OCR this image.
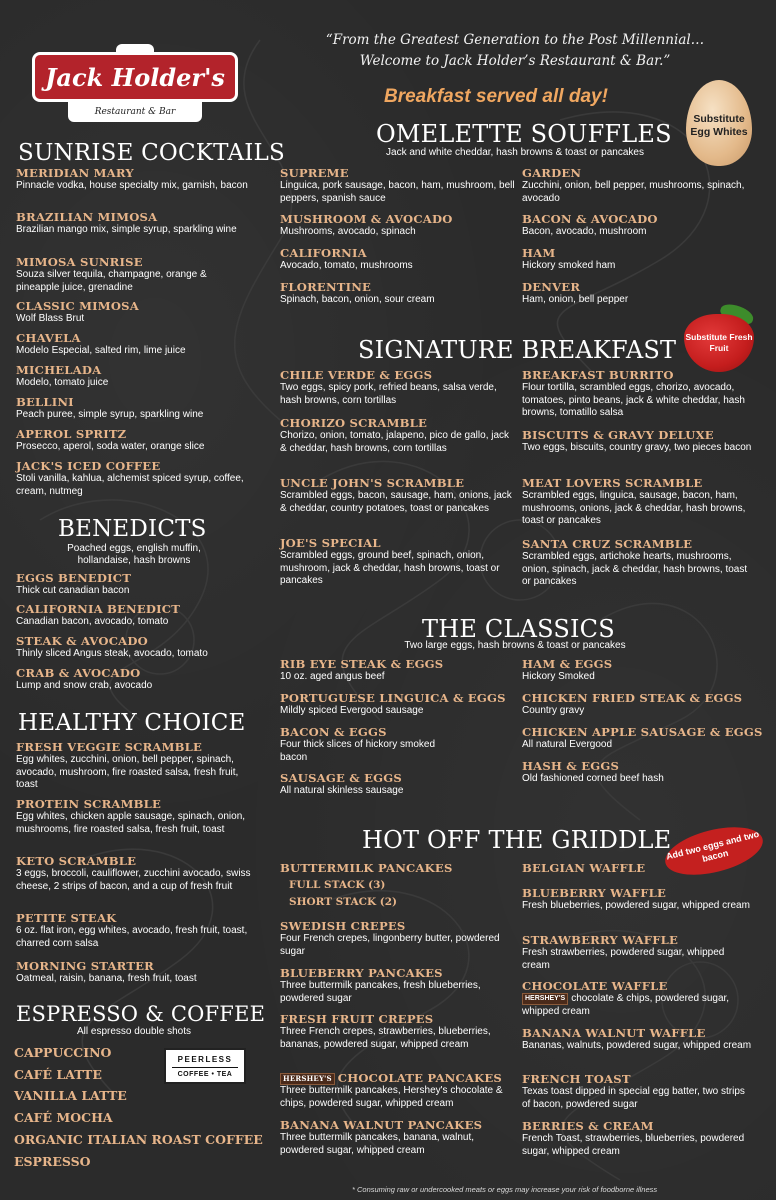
Jack Holder's
Restaurant & Bar
“From the Greatest Generation to the Post Millennial…
Welcome to Jack Holder’s Restaurant & Bar.”
Breakfast served all day!
Substitute Egg Whites
Substitute Fresh Fruit
Add two eggs and two bacon
SUNRISE COCKTAILS
MERIDIAN MARY
Pinnacle vodka, house specialty mix, garnish, bacon
BRAZILIAN MIMOSA
Brazilian mango mix, simple syrup, sparkling wine
MIMOSA SUNRISE
Souza silver tequila, champagne, orange & pineapple juice, grenadine
CLASSIC MIMOSA
Wolf Blass Brut
CHAVELA
Modelo Especial, salted rim, lime juice
MICHELADA
Modelo, tomato juice
BELLINI
Peach puree, simple syrup, sparkling wine
APEROL SPRITZ
Prosecco, aperol, soda water, orange slice
JACK'S ICED COFFEE
Stoli vanilla, kahlua, alchemist spiced syrup, coffee, cream, nutmeg
BENEDICTS
Poached eggs, english muffin,
hollandaise, hash browns
EGGS BENEDICT
Thick cut canadian bacon
CALIFORNIA BENEDICT
Canadian bacon, avocado, tomato
STEAK & AVOCADO
Thinly sliced Angus steak, avocado, tomato
CRAB & AVOCADO
Lump and snow crab, avocado
HEALTHY CHOICE
FRESH VEGGIE SCRAMBLE
Egg whites, zucchini, onion, bell pepper, spinach, avocado, mushroom, fire roasted salsa, fresh fruit, toast
PROTEIN SCRAMBLE
Egg whites, chicken apple sausage, spinach, onion, mushrooms, fire roasted salsa, fresh fruit, toast
KETO SCRAMBLE
3 eggs, broccoli, cauliflower, zucchini avocado, swiss cheese, 2 strips of bacon, and a cup of fresh fruit
PETITE STEAK
6 oz. flat iron, egg whites, avocado, fresh fruit, toast, charred corn salsa
MORNING STARTER
Oatmeal, raisin, banana, fresh fruit, toast
ESPRESSO & COFFEE
All espresso double shots
CAPPUCCINO
CAFÉ LATTE
VANILLA LATTE
CAFÉ MOCHA
ORGANIC ITALIAN ROAST COFFEE
ESPRESSO
PEERLESS
COFFEE • TEA
OMELETTE SOUFFLES
Jack and white cheddar, hash browns & toast or pancakes
SUPREME
Linguica, pork sausage, bacon, ham, mushroom, bell peppers, spanish sauce
MUSHROOM & AVOCADO
Mushrooms, avocado, spinach
CALIFORNIA
Avocado, tomato, mushrooms
FLORENTINE
Spinach, bacon, onion, sour cream
GARDEN
Zucchini, onion, bell pepper, mushrooms, spinach, avocado
BACON & AVOCADO
Bacon, avocado, mushroom
HAM
Hickory smoked ham
DENVER
Ham, onion, bell pepper
SIGNATURE BREAKFAST
CHILE VERDE & EGGS
Two eggs, spicy pork, refried beans, salsa verde, hash browns, corn tortillas
CHORIZO SCRAMBLE
Chorizo, onion, tomato, jalapeno, pico de gallo, jack & cheddar, hash browns, corn tortillas
UNCLE JOHN'S SCRAMBLE
Scrambled eggs, bacon, sausage, ham, onions, jack & cheddar, country potatoes, toast or pancakes
JOE'S SPECIAL
Scrambled eggs, ground beef, spinach, onion, mushroom, jack & cheddar, hash browns, toast or pancakes
BREAKFAST BURRITO
Flour tortilla, scrambled eggs, chorizo, avocado, tomatoes, pinto beans, jack & white cheddar, hash browns, tomatillo salsa
BISCUITS & GRAVY DELUXE
Two eggs, biscuits, country gravy, two pieces bacon
MEAT LOVERS SCRAMBLE
Scrambled eggs, linguica, sausage, bacon, ham, mushrooms, onions, jack & cheddar, hash browns, toast or pancakes
SANTA CRUZ SCRAMBLE
Scrambled eggs, artichoke hearts, mushrooms, onion, spinach, jack & cheddar, hash browns, toast or pancakes
THE CLASSICS
Two large eggs, hash browns & toast or pancakes
RIB EYE STEAK & EGGS
10 oz. aged angus beef
PORTUGUESE LINGUICA & EGGS
Mildly spiced Evergood sausage
BACON & EGGS
Four thick slices of hickory smoked bacon
SAUSAGE & EGGS
All natural skinless sausage
HAM & EGGS
Hickory Smoked
CHICKEN FRIED STEAK & EGGS
Country gravy
CHICKEN APPLE SAUSAGE & EGGS
All natural Evergood
HASH & EGGS
Old fashioned corned beef hash
HOT OFF THE GRIDDLE
BUTTERMILK PANCAKES
FULL STACK (3)
SHORT STACK (2)
SWEDISH CREPES
Four French crepes, lingonberry butter, powdered sugar
BLUEBERRY PANCAKES
Three buttermilk pancakes, fresh blueberries, powdered sugar
FRESH FRUIT CREPES
Three French crepes, strawberries, blueberries, bananas, powdered sugar, whipped cream
HERSHEY'S CHOCOLATE PANCAKES
Three buttermilk pancakes, Hershey's chocolate & chips, powdered sugar, whipped cream
BANANA WALNUT PANCAKES
Three buttermilk pancakes, banana, walnut, powdered sugar, whipped cream
BELGIAN WAFFLE
BLUEBERRY WAFFLE
Fresh blueberries, powdered sugar, whipped cream
STRAWBERRY WAFFLE
Fresh strawberries, powdered sugar, whipped cream
CHOCOLATE WAFFLE
HERSHEY'S chocolate & chips, powdered sugar, whipped cream
BANANA WALNUT WAFFLE
Bananas, walnuts, powdered sugar, whipped cream
FRENCH TOAST
Texas toast dipped in special egg batter, two strips of bacon, powdered sugar
BERRIES & CREAM
French Toast, strawberries, blueberries, powdered sugar, whipped cream
* Consuming raw or undercooked meats or eggs may increase your risk of foodborne illness
